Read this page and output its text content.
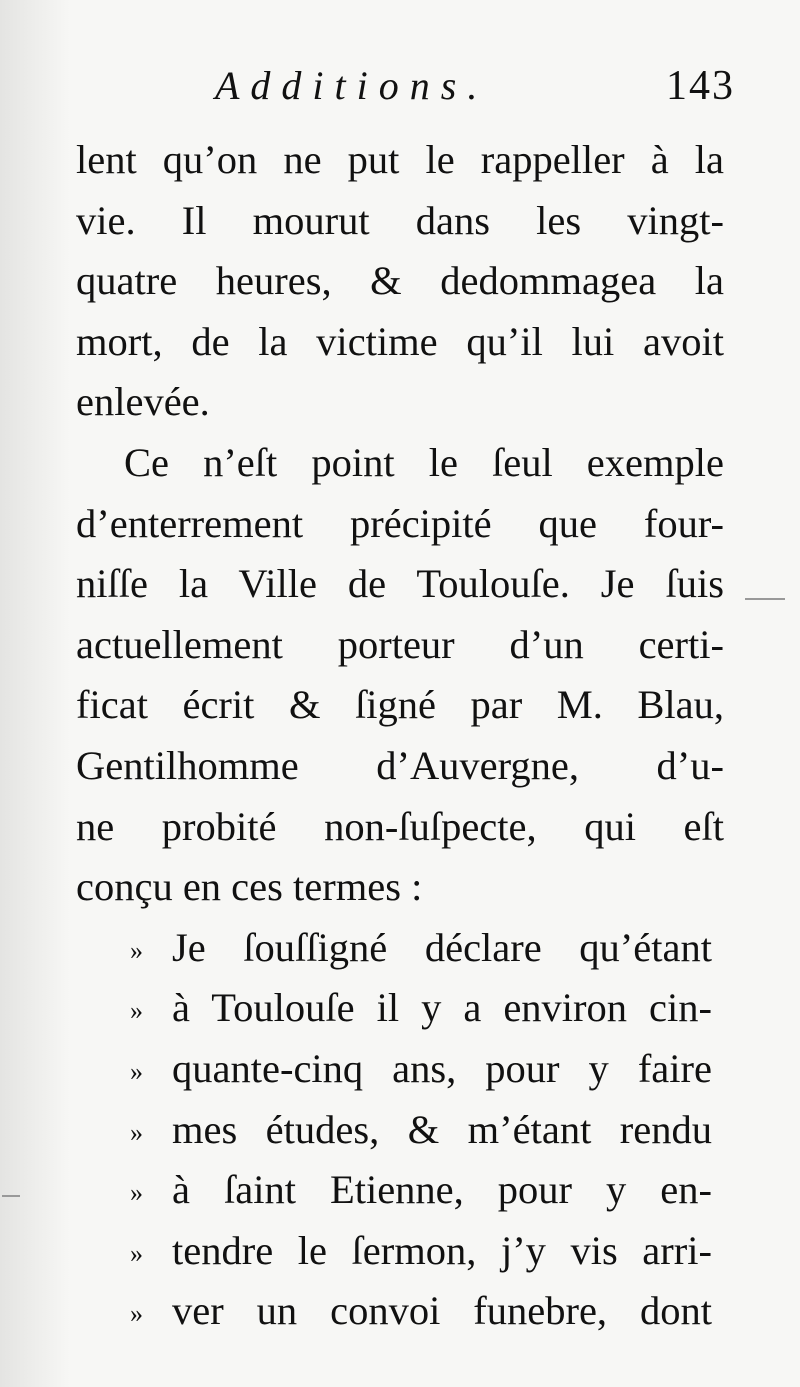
Additions.	143
lent qu’on ne put le rappeller à la
vie. Il mourut dans les vingt-
quatre heures, & dedommagea la
mort, de la victime qu’il lui avoit
enlevée.
Ce n’eſt point le ſeul exemple
d’enterrement précipité que four-
niſſe la Ville de Toulouſe. Je ſuis
actuellement porteur d’un certi-
ficat écrit & ſigné par M. Blau,
Gentilhomme d’Auvergne, d’u-
ne probité non-ſuſpecte, qui eſt
conçu en ces termes :
» Je ſouſſigné déclare qu’étant
» à Toulouſe il y a environ cin-
» quante-cinq ans, pour y faire
» mes études, & m’étant rendu
» à ſaint Etienne, pour y en-
» tendre le ſermon, j’y vis arri-
» ver un convoi funebre, dont
